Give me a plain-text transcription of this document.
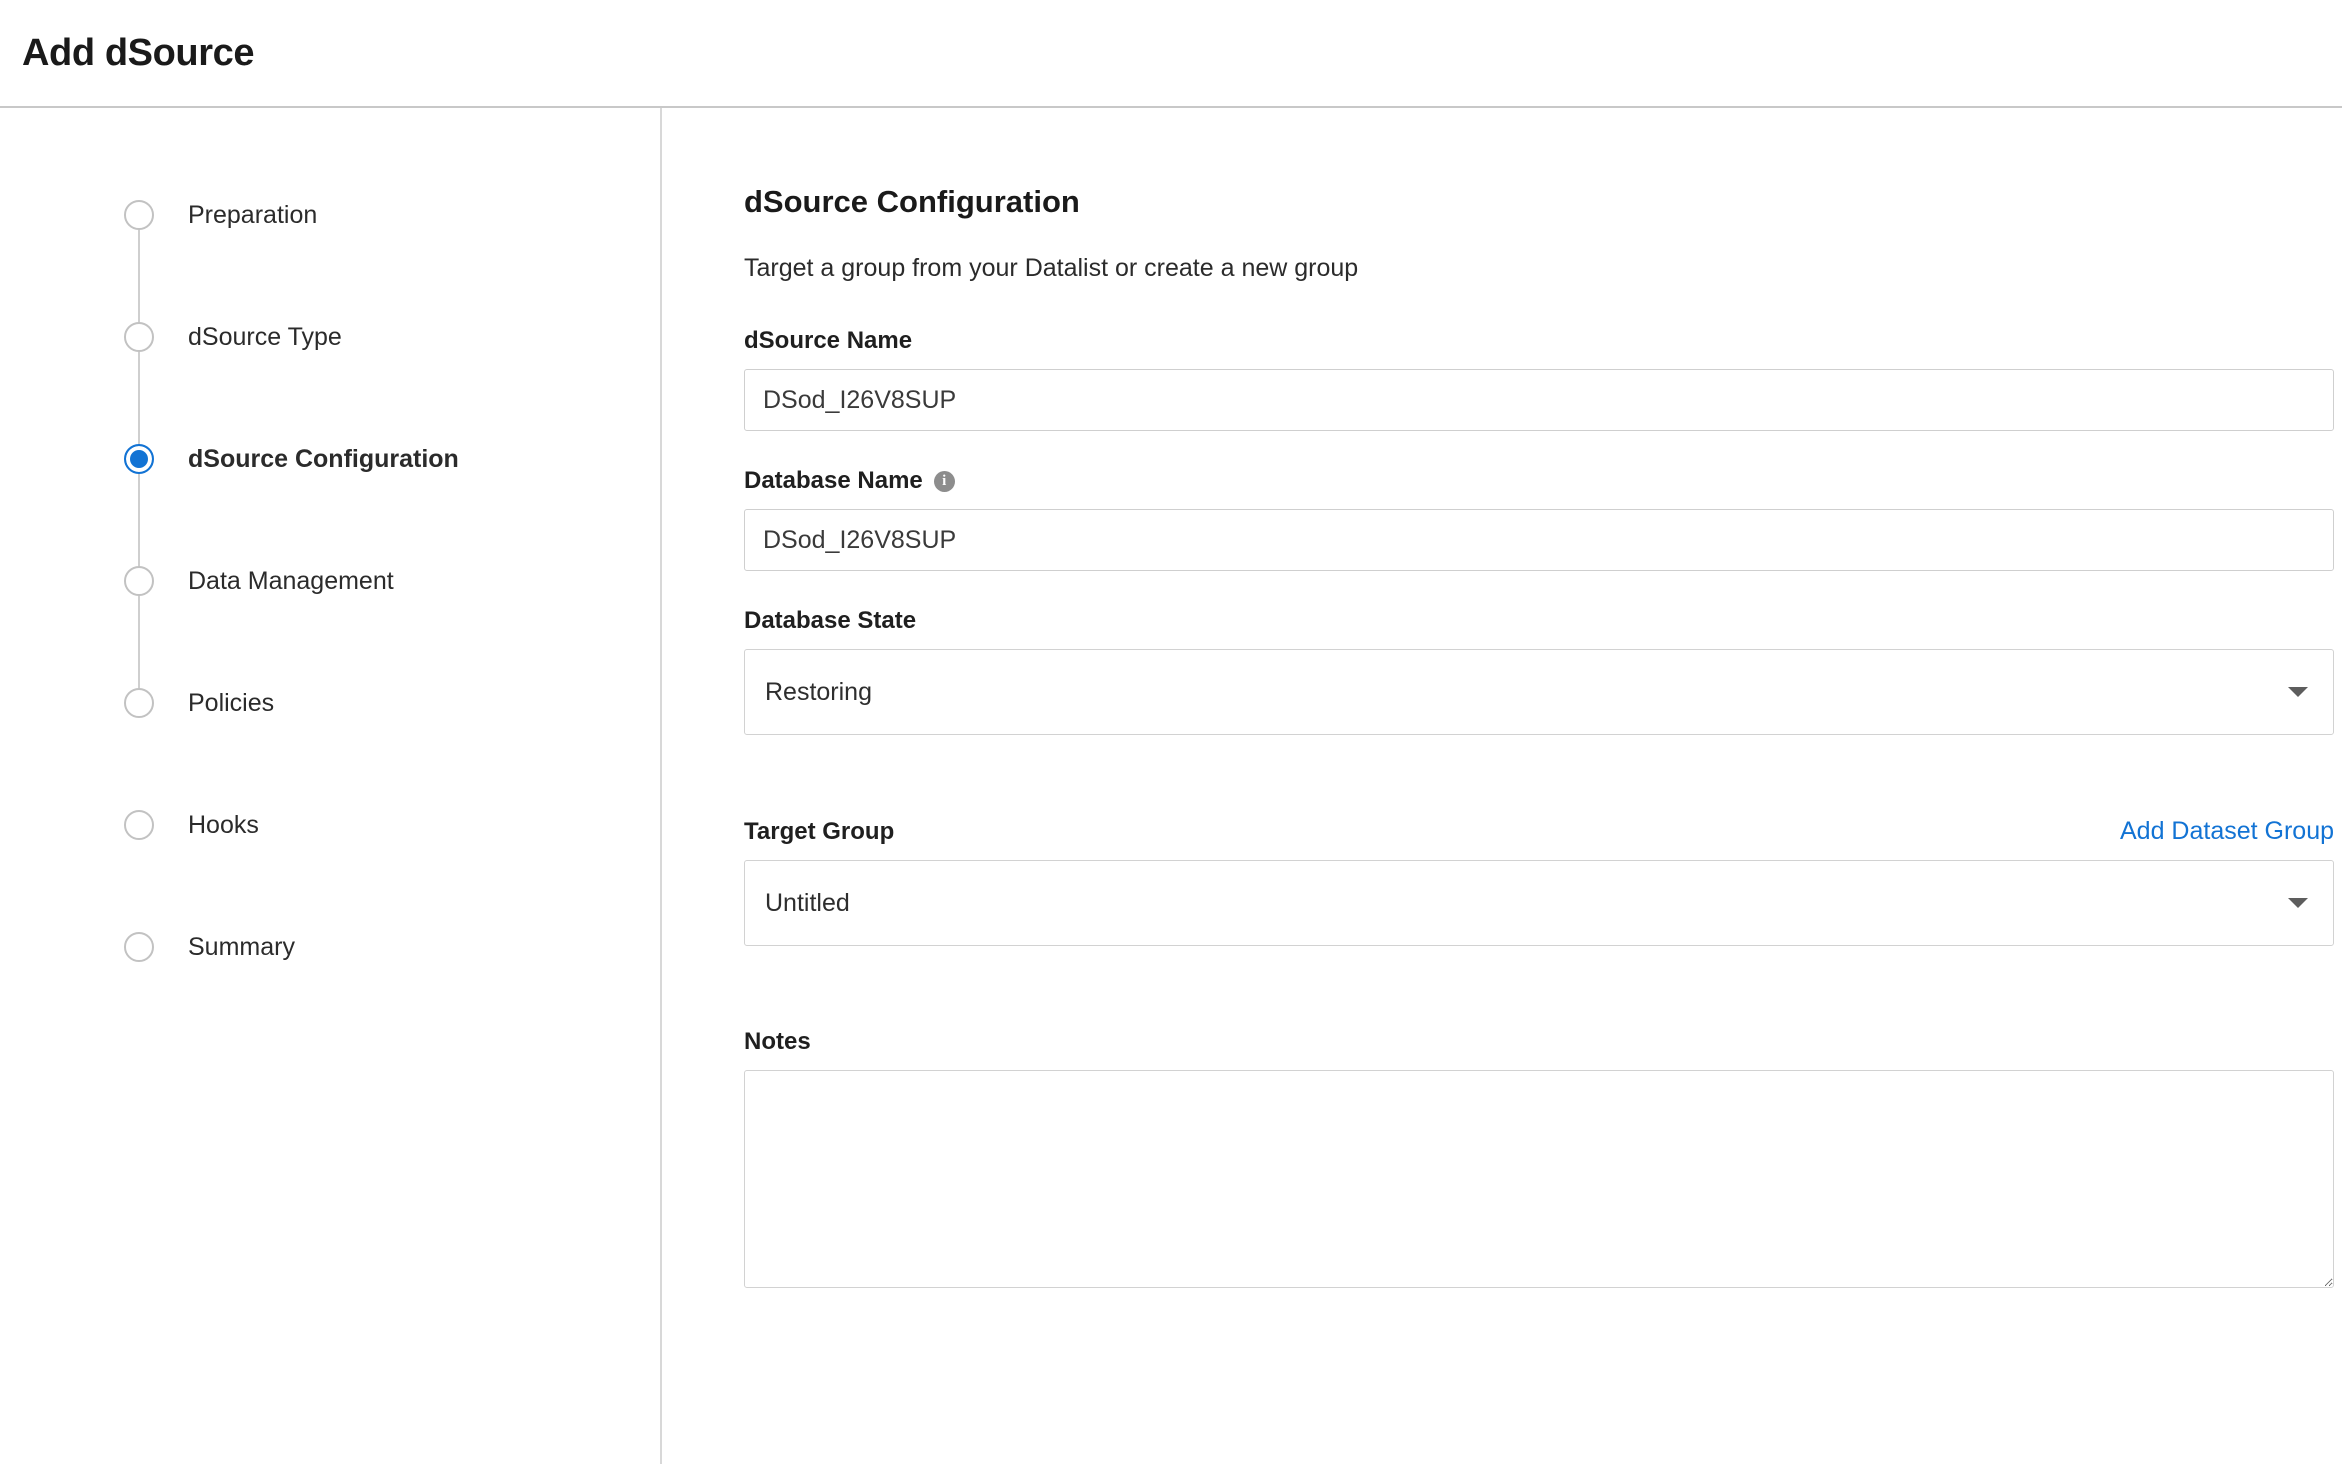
Add dSource
Preparation
dSource Type
dSource Configuration
Data Management
Policies
Hooks
Summary
dSource Configuration

Target a group from your Datalist or create a new group

dSource Name
DSod_I26V8SUP
Database Name	i
DSod_I26V8SUP
Database State
Restoring
Target Group	Add Dataset Group
Untitled
Notes
